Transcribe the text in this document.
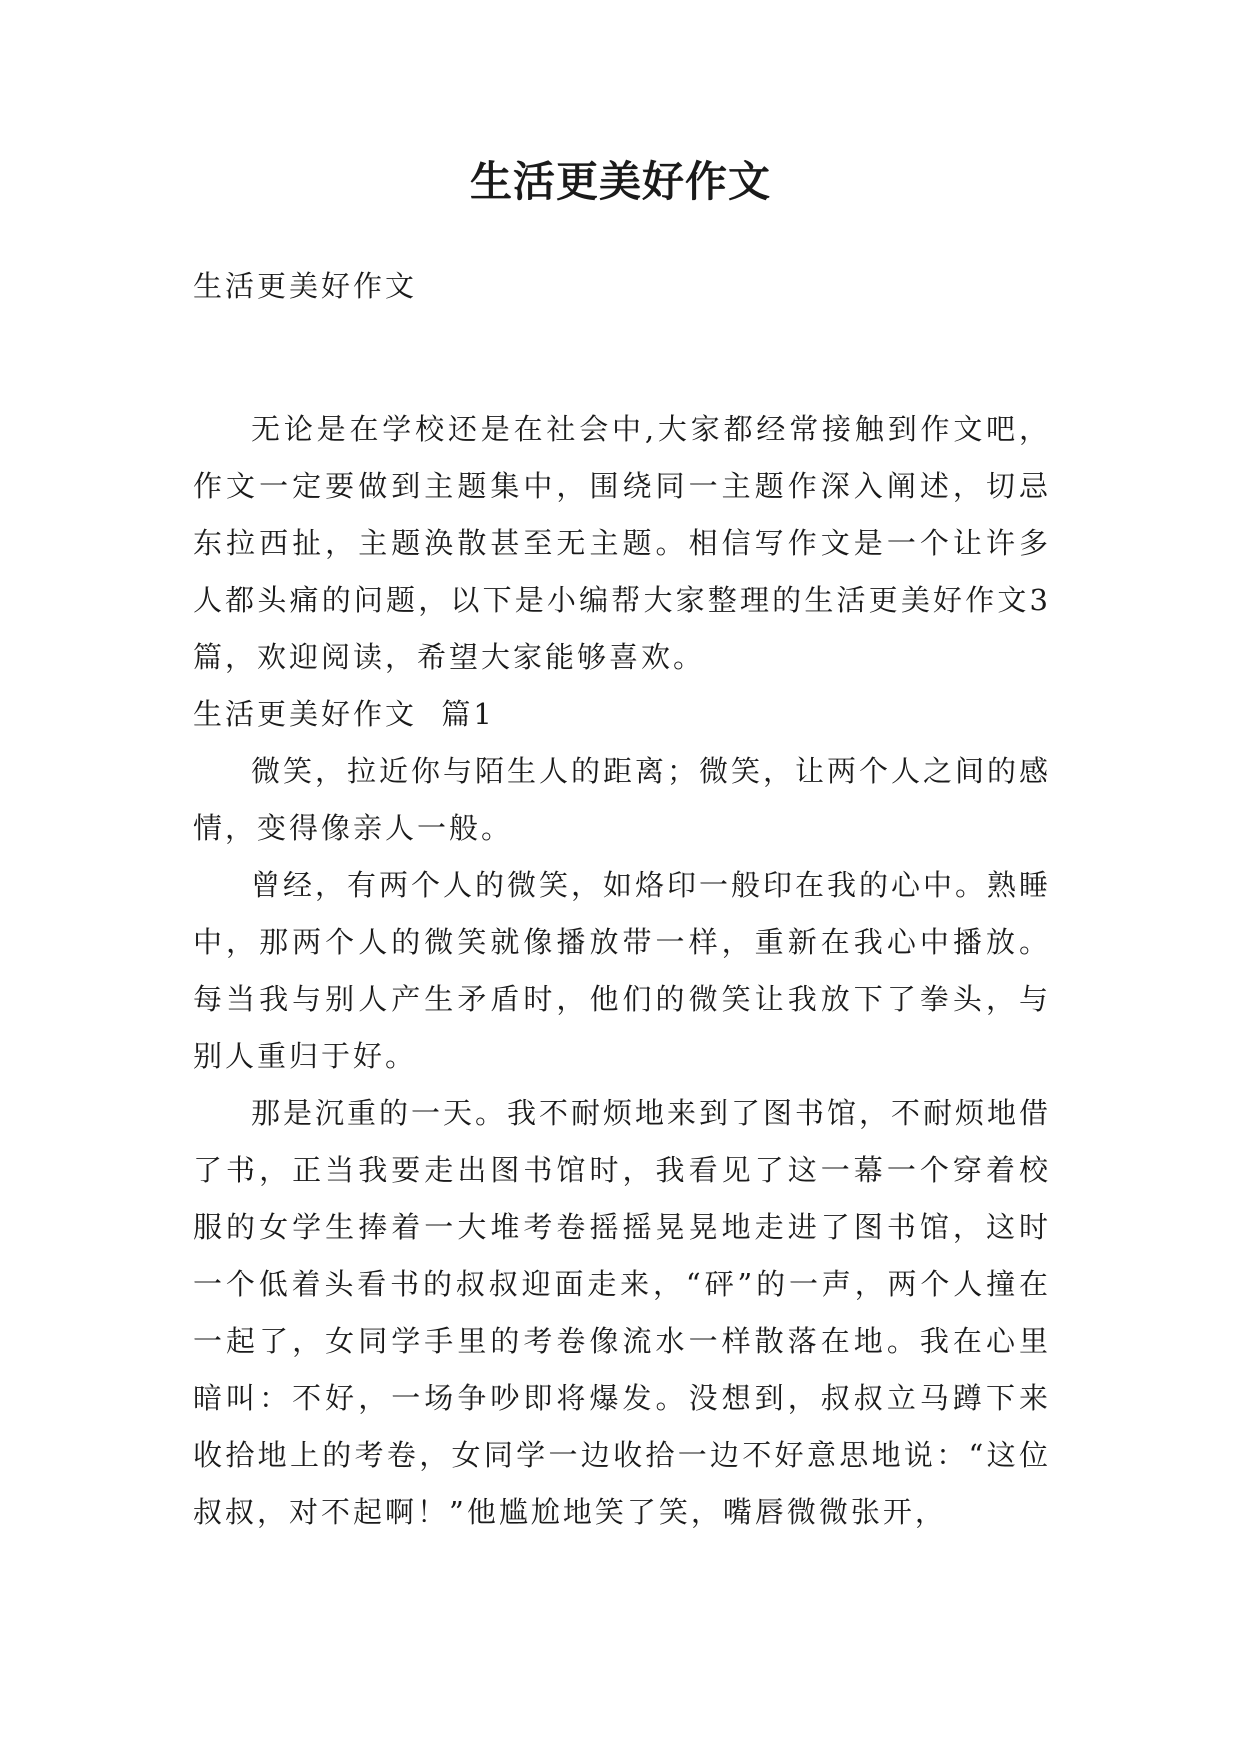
生活更美好作文

生活更美好作文

无论是在学校还是在社会中,大家都经常接触到作文吧，作文一定要做到主题集中，围绕同一主题作深入阐述，切忌东拉西扯，主题涣散甚至无主题。相信写作文是一个让许多人都头痛的问题，以下是小编帮大家整理的生活更美好作文3篇，欢迎阅读，希望大家能够喜欢。

生活更美好作文  篇1

微笑，拉近你与陌生人的距离；微笑，让两个人之间的感情，变得像亲人一般。

曾经，有两个人的微笑，如烙印一般印在我的心中。熟睡中，那两个人的微笑就像播放带一样，重新在我心中播放。每当我与别人产生矛盾时，他们的微笑让我放下了拳头，与别人重归于好。

那是沉重的一天。我不耐烦地来到了图书馆，不耐烦地借了书，正当我要走出图书馆时，我看见了这一幕一个穿着校服的女学生捧着一大堆考卷摇摇晃晃地走进了图书馆，这时一个低着头看书的叔叔迎面走来，“砰”的一声，两个人撞在一起了，女同学手里的考卷像流水一样散落在地。我在心里暗叫：不好，一场争吵即将爆发。没想到，叔叔立马蹲下来收拾地上的考卷，女同学一边收拾一边不好意思地说：“这位叔叔，对不起啊！”他尴尬地笑了笑，嘴唇微微张开，
